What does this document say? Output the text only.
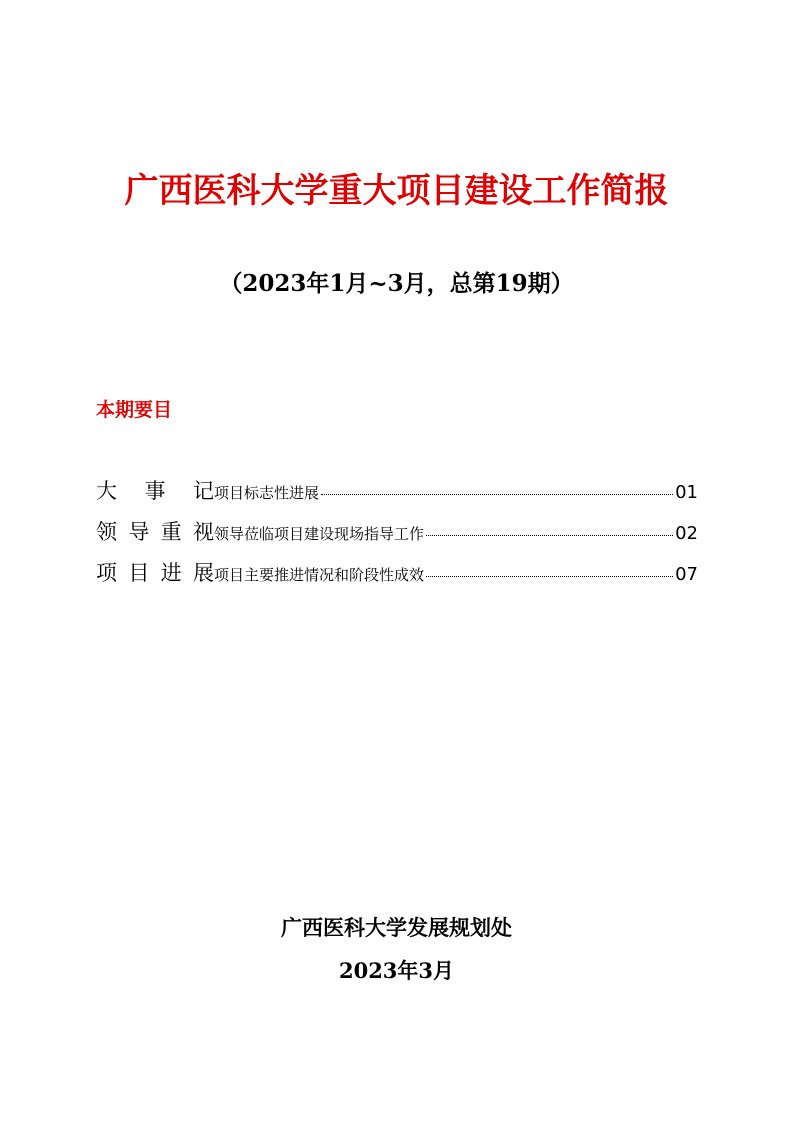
广西医科大学重大项目建设工作简报
（2023年1月~3月，总第19期）
本期要目
大 事 记 项目标志性进展	01
领 导 重 视 领导莅临项目建设现场指导工作	02
项 目 进 展 项目主要推进情况和阶段性成效	07
广西医科大学发展规划处
2023年3月
